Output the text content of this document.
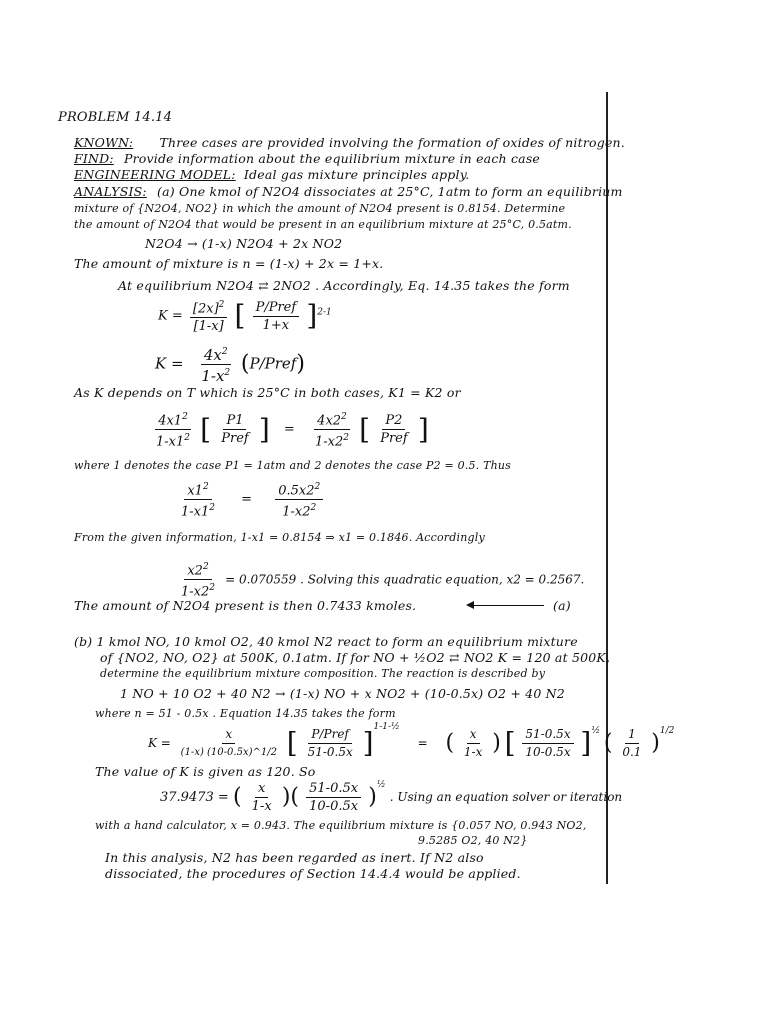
PROBLEM 14.14
KNOWN: Three cases are provided involving the formation of oxides of nitrogen.
FIND: Provide information about the equilibrium mixture in each case
ENGINEERING MODEL: Ideal gas mixture principles apply.
ANALYSIS: (a) One kmol of N2O4 dissociates at 25°C, 1atm to form an equilibrium
mixture of {N2O4, NO2} in which the amount of N2O4 present is 0.8154. Determine
the amount of N2O4 that would be present in an equilibrium mixture at 25°C, 0.5atm.
N2O4 → (1-x) N2O4 + 2x NO2
The amount of mixture is n = (1-x) + 2x = 1+x.
At equilibrium N2O4 ⇄ 2NO2 . Accordingly, Eq. 14.35 takes the form
$K = \frac{[2x]^2}{[1-x]}$ [ $\frac{\text{P/Pref}}{1+x} ]^{2-1}$
$K = \frac{4x^2}{1-x^2}$ (P/Pref)
As K depends on T which is 25°C in both cases, K1 = K2 or
$\frac{4x1^2}{1-x1^2}$ [ $\frac{P1}{\text{Pref}}$ ] = $\frac{4x2^2}{1-x2^2}$ [ $\frac{P2}{\text{Pref}}$ ]
where 1 denotes the case P1 = 1atm and 2 denotes the case P2 = 0.5. Thus
$\frac{x1^2}{1-x1^2} = \frac{0.5x2^2}{1-x2^2}$
From the given information, 1-x1 = 0.8154 ⇒ x1 = 0.1846. Accordingly
$\frac{x2^2}{1-x2^2} = 0.070559$ . Solving this quadratic equation, x2 = 0.2567.
The amount of N2O4 present is then 0.7433 kmoles.	(a)
(b) 1 kmol NO, 10 kmol O2, 40 kmol N2 react to form an equilibrium mixture
of {NO2, NO, O2} at 500K, 0.1atm. If for NO + ½O2 ⇄ NO2 K = 120 at 500K,
determine the equilibrium mixture composition. The reaction is described by
1 NO + 10 O2 + 40 N2 → (1-x) NO + x NO2 + (10-0.5x) O2 + 40 N2
where n = 51 - 0.5x . Equation 14.35 takes the form
$K = \frac{x}{(1-x) (10-0.5x)\^{}1/2}$ [ $\frac{\text{P/Pref}}{51-0.5x} ]^{1-1-\frac{1}{2}}$ = ( $\frac{x}{1-x}$ ) [ $\frac{51-0.5x}{10-0.5x} ]^{\frac{1}{2}}$ ( $\frac{1}{0.1} )^{1/2}$
The value of K is given as 120. So
37.9473 = ( $\frac{x}{1-x}$ )( $\frac{51-0.5x}{10-0.5x} )^{\frac{1}{2}}$ . Using an equation solver or iteration
with a hand calculator, x = 0.943. The equilibrium mixture is {0.057 NO, 0.943 NO2,
9.5285 O2, 40 N2}
In this analysis, N2 has been regarded as inert. If N2 also
dissociated, the procedures of Section 14.4.4 would be applied.
